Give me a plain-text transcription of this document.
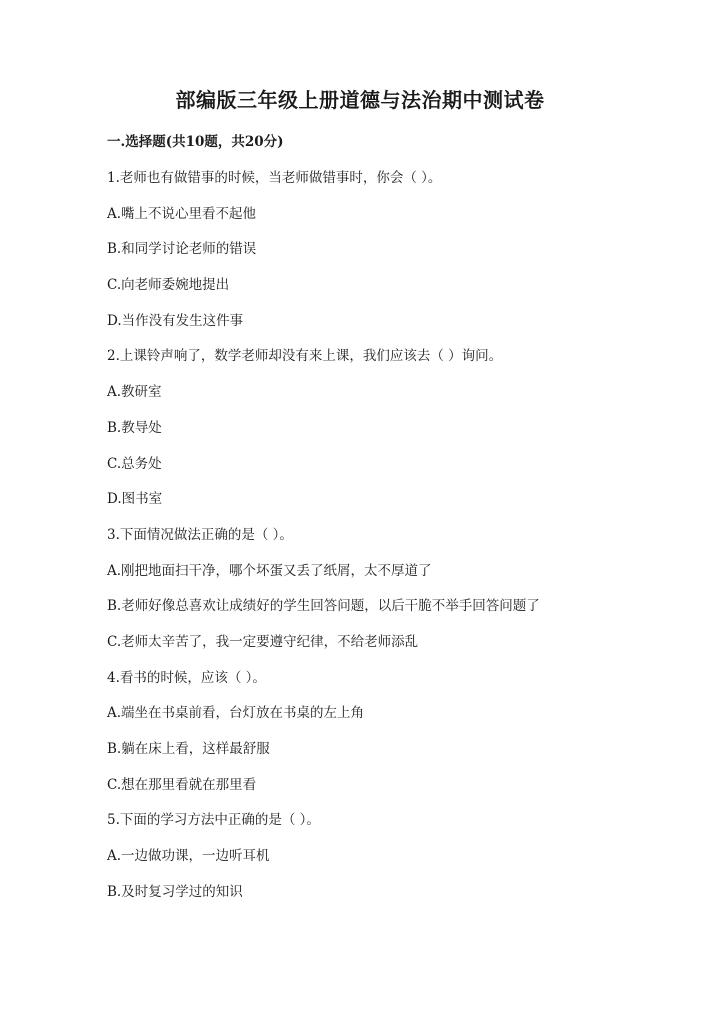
部编版三年级上册道德与法治期中测试卷
一.选择题(共10题，共20分)
1.老师也有做错事的时候，当老师做错事时，你会（ ）。
A.嘴上不说心里看不起他
B.和同学讨论老师的错误
C.向老师委婉地提出
D.当作没有发生这件事
2.上课铃声响了，数学老师却没有来上课，我们应该去（ ）询问。
A.教研室
B.教导处
C.总务处
D.图书室
3.下面情况做法正确的是（ ）。
A.刚把地面扫干净，哪个坏蛋又丢了纸屑，太不厚道了
B.老师好像总喜欢让成绩好的学生回答问题，以后干脆不举手回答问题了
C.老师太辛苦了，我一定要遵守纪律，不给老师添乱
4.看书的时候，应该（ ）。
A.端坐在书桌前看，台灯放在书桌的左上角
B.躺在床上看，这样最舒服
C.想在那里看就在那里看
5.下面的学习方法中正确的是（ ）。
A.一边做功课，一边听耳机
B.及时复习学过的知识
